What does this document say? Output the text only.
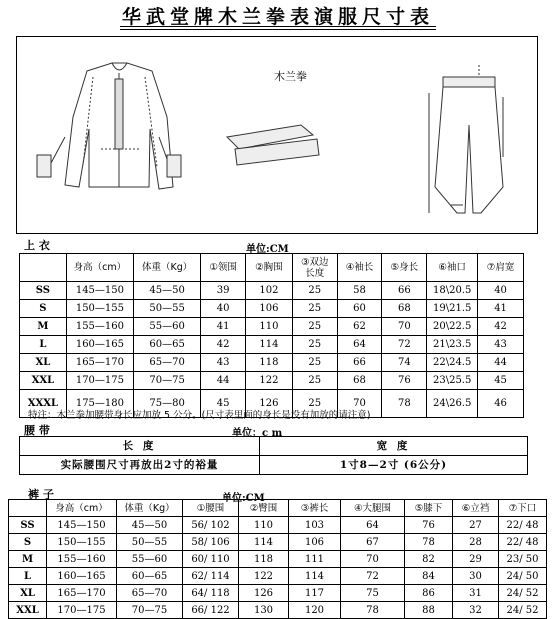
华武堂牌木兰拳表演服尺寸表
木兰拳
上 衣	单位:CM
	身高（cm）	体重（Kg）	①领围	②胸围	③双边
长度	④袖长	⑤身长	⑥袖口	⑦肩宽
SS	145—150	45—50	39	102	25	58	66	18\20.5	40
S	150—155	50—55	40	106	25	60	68	19\21.5	41
M	155—160	55—60	41	110	25	62	70	20\22.5	42
L	160—165	60—65	42	114	25	64	72	21\23.5	43
XL	165—170	65—70	43	118	25	66	74	22\24.5	44
XXL	170—175	70—75	44	122	25	68	76	23\25.5	45
XXXL	175—180	75—80	45	126	25	70	78	24\26.5	46
特注：木兰拳加腰带身长应加放 5 公分。(尺寸表里面的身长是没有加放的请注意)
腰 带	单位：c m
长 度	宽 度
实际腰围尺寸再放出2寸的裕量	1寸8—2寸 (6公分)
裤 子	单位:CM
	身高（cm）	体重（Kg）	①腰围	②臀围	③裤长	④大腿围	⑤膝下	⑥立裆	⑦下口
SS	145—150	45—50	56/ 102	110	103	64	76	27	22/ 48
S	150—155	50—55	58/ 106	114	106	67	78	28	22/ 48
M	155—160	55—60	60/ 110	118	111	70	82	29	23/ 50
L	160—165	60—65	62/ 114	122	114	72	84	30	24/ 50
XL	165—170	65—70	64/ 118	126	117	75	86	31	24/ 52
XXL	170—175	70—75	66/ 122	130	120	78	88	32	24/ 52
